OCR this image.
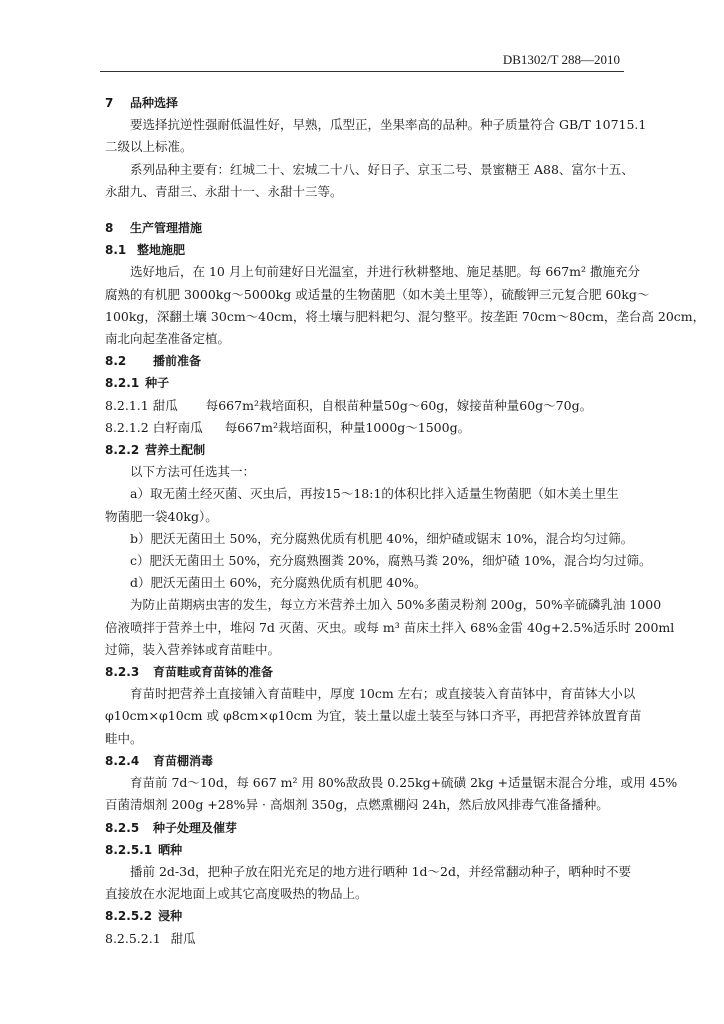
DB1302/T 288—2010
7 品种选择
要选择抗逆性强耐低温性好，早熟，瓜型正，坐果率高的品种。种子质量符合 GB/T 10715.1
二级以上标准。
系列品种主要有：红城二十、宏城二十八、好日子、京玉二号、景蜜糖王 A88、富尔十五、
永甜九、青甜三、永甜十一、永甜十三等。
8 生产管理措施
8.1 整地施肥
选好地后，在 10 月上旬前建好日光温室，并进行秋耕整地、施足基肥。每 667m² 撒施充分
腐熟的有机肥 3000kg～5000kg 或适量的生物菌肥（如木美土里等），硫酸钾三元复合肥 60kg～
100kg，深翻土壤 30cm～40cm，将土壤与肥料耙匀、混匀整平。按垄距 70cm～80cm，垄台高 20cm，
南北向起垄准备定植。
8.2 播前准备
8.2.1 种子
8.2.1.1 甜瓜 每667m²栽培面积，自根苗种量50g～60g，嫁接苗种量60g～70g。
8.2.1.2 白籽南瓜 每667m²栽培面积，种量1000g～1500g。
8.2.2 营养土配制
以下方法可任选其一：
a）取无菌土经灭菌、灭虫后，再按15～18:1的体积比拌入适量生物菌肥（如木美土里生
物菌肥一袋40kg）。
b）肥沃无菌田土 50%，充分腐熟优质有机肥 40%，细炉碴或锯末 10%，混合均匀过筛。
c）肥沃无菌田土 50%，充分腐熟圈粪 20%，腐熟马粪 20%，细炉碴 10%，混合均匀过筛。
d）肥沃无菌田土 60%，充分腐熟优质有机肥 40%。
为防止苗期病虫害的发生，每立方米营养土加入 50%多菌灵粉剂 200g，50%辛硫磷乳油 1000
倍液喷拌于营养土中，堆闷 7d 灭菌、灭虫。或每 m³ 苗床土拌入 68%金雷 40g+2.5%适乐时 200ml
过筛，装入营养钵或育苗畦中。
8.2.3 育苗畦或育苗钵的准备
育苗时把营养土直接铺入育苗畦中，厚度 10cm 左右；或直接装入育苗钵中，育苗钵大小以
φ10cm×φ10cm 或 φ8cm×φ10cm 为宜，装土量以虚土装至与钵口齐平，再把营养钵放置育苗
畦中。
8.2.4 育苗棚消毒
育苗前 7d～10d，每 667 m² 用 80%敌敌畏 0.25kg+硫磺 2kg +适量锯末混合分堆，或用 45%
百菌清烟剂 200g +28%异 · 高烟剂 350g，点燃熏棚闷 24h，然后放风排毒气准备播种。
8.2.5 种子处理及催芽
8.2.5.1 晒种
播前 2d-3d，把种子放在阳光充足的地方进行晒种 1d～2d，并经常翻动种子，晒种时不要
直接放在水泥地面上或其它高度吸热的物品上。
8.2.5.2 浸种
8.2.5.2.1 甜瓜
